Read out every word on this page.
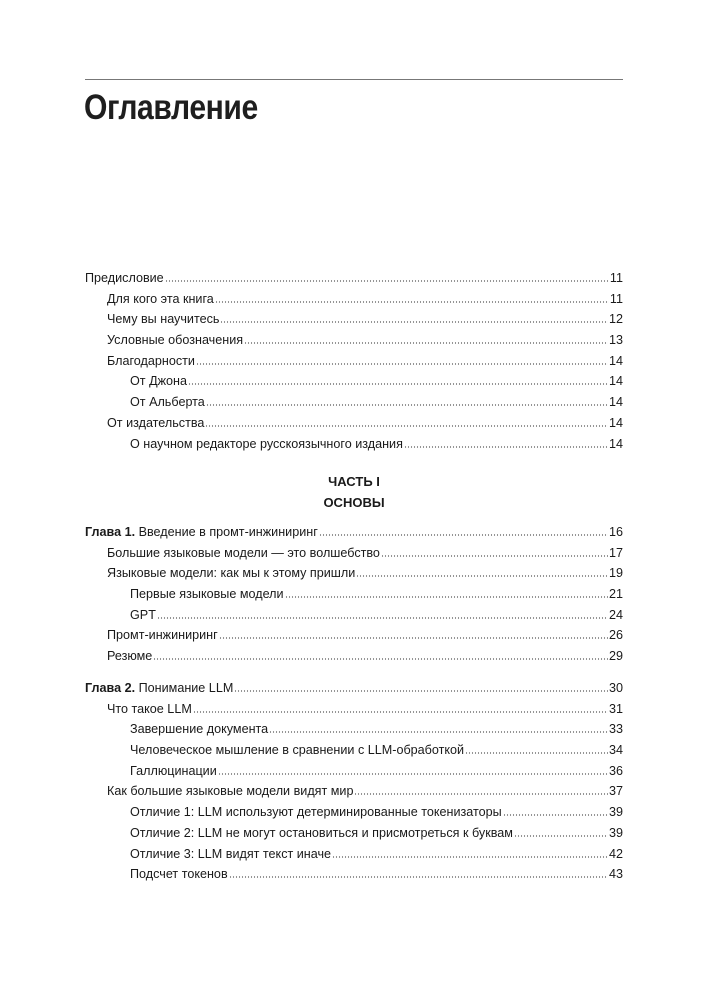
Оглавление
Предисловие	11
Для кого эта книга	11
Чему вы научитесь	12
Условные обозначения	13
Благодарности	14
От Джона	14
От Альберта	14
От издательства	14
О научном редакторе русскоязычного издания	14
ЧАСТЬ I
ОСНОВЫ
Глава 1. Введение в промт-инжиниринг	16
Большие языковые модели — это волшебство	17
Языковые модели: как мы к этому пришли	19
Первые языковые модели	21
GPT	24
Промт-инжиниринг	26
Резюме	29
Глава 2. Понимание LLM	30
Что такое LLM	31
Завершение документа	33
Человеческое мышление в сравнении с LLM-обработкой	34
Галлюцинации	36
Как большие языковые модели видят мир	37
Отличие 1: LLM используют детерминированные токенизаторы	39
Отличие 2: LLM не могут остановиться и присмотреться к буквам	39
Отличие 3: LLM видят текст иначе	42
Подсчет токенов	43
